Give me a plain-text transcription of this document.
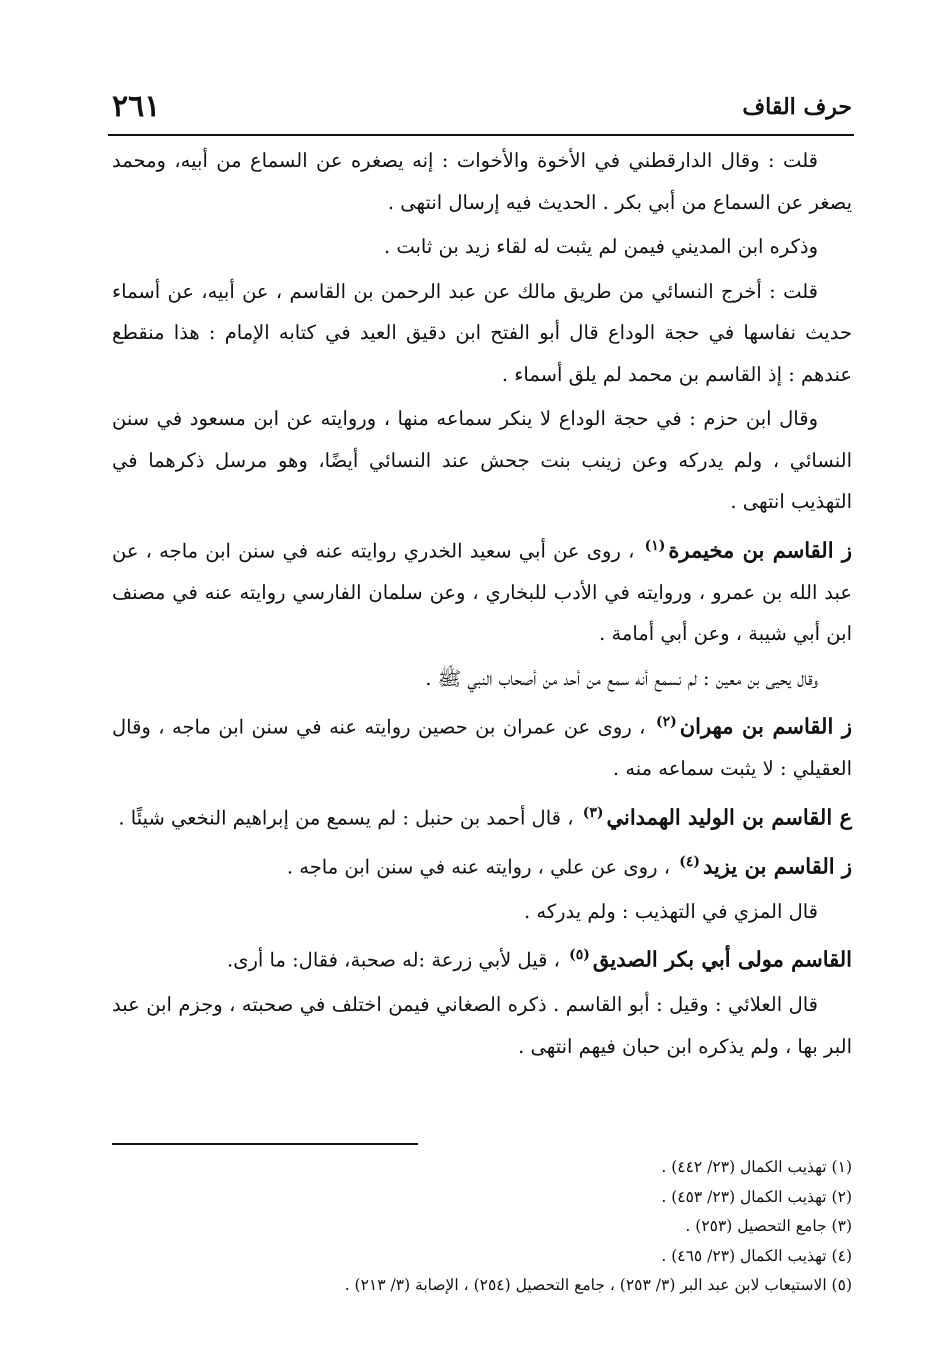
حرف القاف
٢٦١

قلت : وقال الدارقطني في الأخوة والأخوات : إنه يصغره عن السماع من أبيه، ومحمد يصغر عن السماع من أبي بكر . الحديث فيه إرسال انتهى .

وذكره ابن المديني فيمن لم يثبت له لقاء زيد بن ثابت .

قلت : أخرج النسائي من طريق مالك عن عبد الرحمن بن القاسم ، عن أبيه، عن أسماء حديث نفاسها في حجة الوداع قال أبو الفتح ابن دقيق العيد في كتابه الإمام : هذا منقطع عندهم : إذ القاسم بن محمد لم يلق أسماء .

وقال ابن حزم : في حجة الوداع لا ينكر سماعه منها ، وروايته عن ابن مسعود في سنن النسائي ، ولم يدركه وعن زينب بنت جحش عند النسائي أيضًا، وهو مرسل ذكرهما في التهذيب انتهى .

ز القاسم بن مخيمرة$^{(١)}$ ، روى عن أبي سعيد الخدري روايته عنه في سنن ابن ماجه ، عن عبد الله بن عمرو ، وروايته في الأدب للبخاري ، وعن سلمان الفارسي روايته عنه في مصنف ابن أبي شيبة ، وعن أبي أمامة .

وقال يحيى بن معين : لم نسمع أنه سمع من أحد من أصحاب النبي ﷺ .

ز القاسم بن مهران$^{(٢)}$ ، روى عن عمران بن حصين روايته عنه في سنن ابن ماجه ، وقال العقيلي : لا يثبت سماعه منه .

ع القاسم بن الوليد الهمداني$^{(٣)}$ ، قال أحمد بن حنبل : لم يسمع من إبراهيم النخعي شيئًا .

ز القاسم بن يزيد$^{(٤)}$ ، روى عن علي ، روايته عنه في سنن ابن ماجه .

قال المزي في التهذيب : ولم يدركه .

القاسم مولى أبي بكر الصديق$^{(٥)}$ ، قيل لأبي زرعة :له صحبة، فقال: ما أرى.

قال العلائي : وقيل : أبو القاسم . ذكره الصغاني فيمن اختلف في صحبته ، وجزم ابن عبد البر بها ، ولم يذكره ابن حبان فيهم انتهى .

(١) تهذيب الكمال (٢٣/ ٤٤٢) .

(٢) تهذيب الكمال (٢٣/ ٤٥٣) .

(٣) جامع التحصيل (٢٥٣) .

(٤) تهذيب الكمال (٢٣/ ٤٦٥) .

(٥) الاستيعاب لابن عبد البر (٣/ ٢٥٣) ، جامع التحصيل (٢٥٤) ، الإصابة (٣/ ٢١٣) .
